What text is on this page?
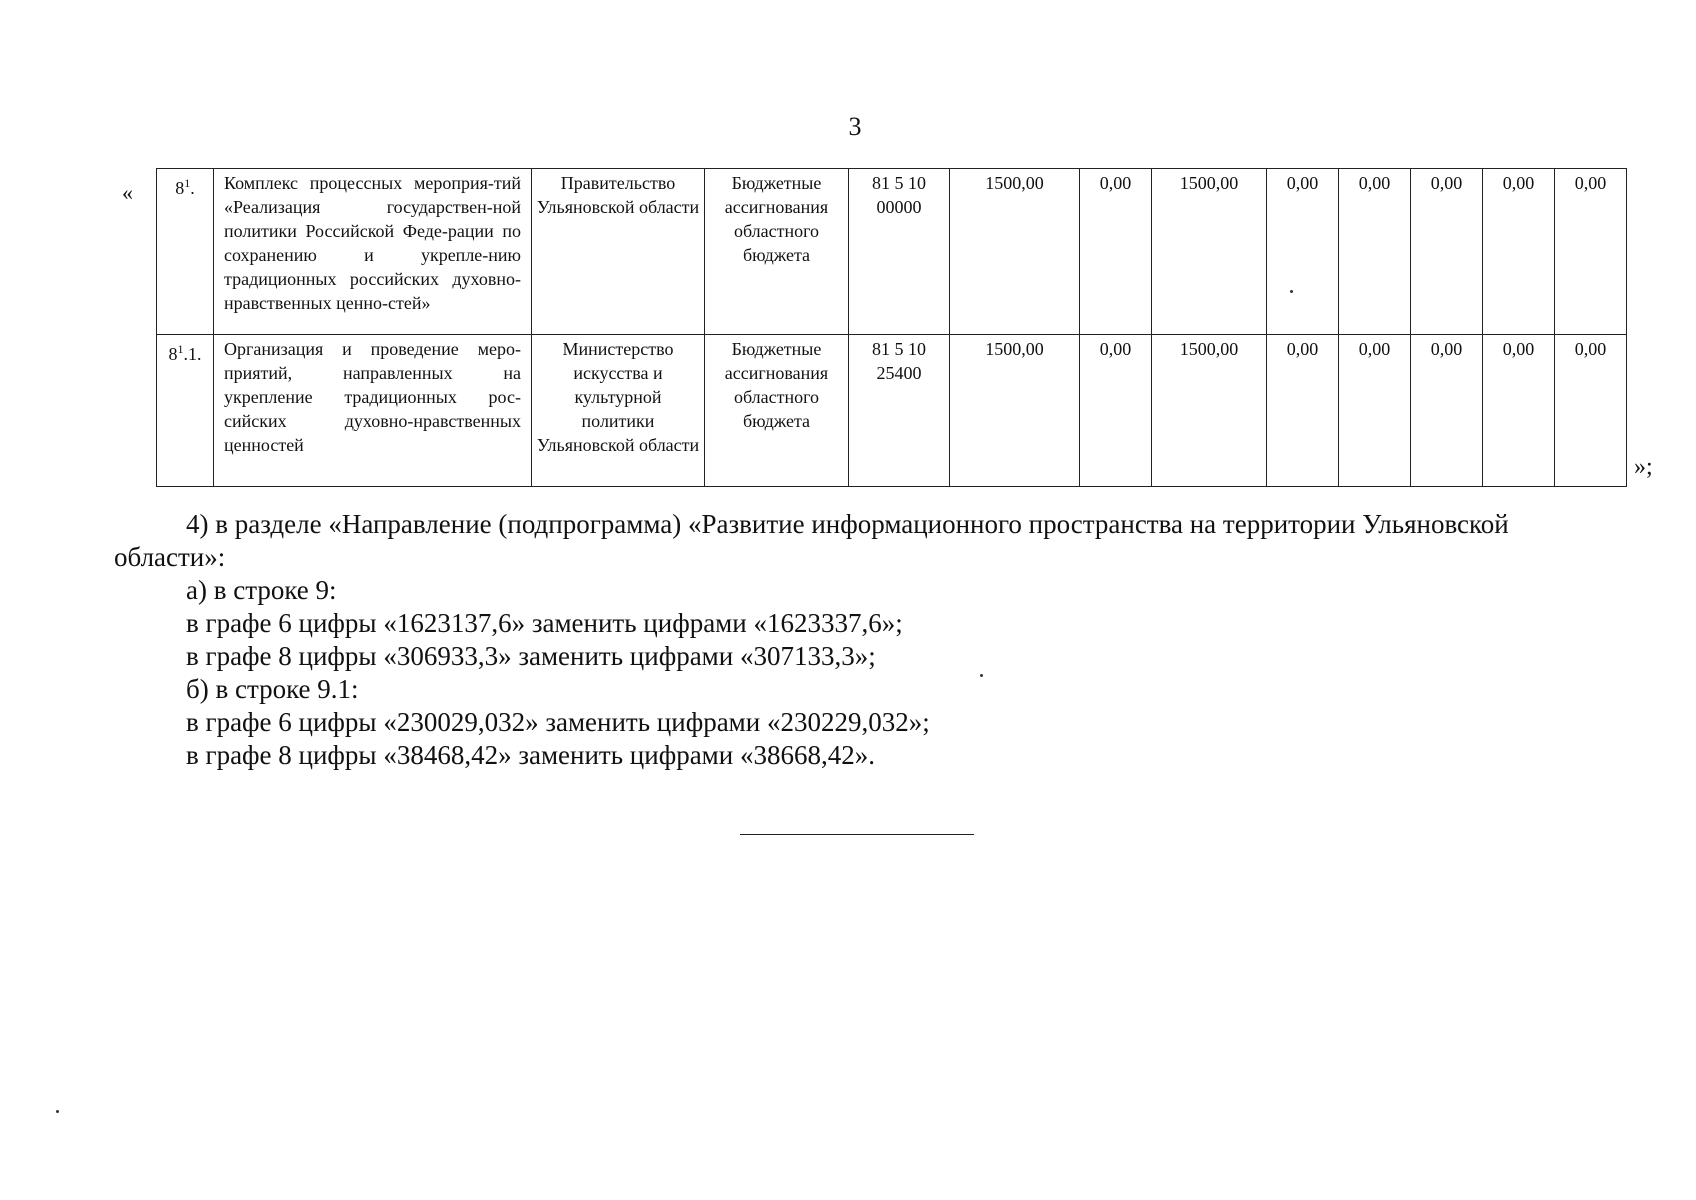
3
« $8^1$.	Комплекс процессных мероприя-тий «Реализация государствен-ной политики Российской Феде-рации по сохранению и укрепле-нию традиционных российских духовно-нравственных ценно-стей»	Правительство Ульяновской области	Бюджетные ассигнования областного бюджета	81 5 10 00000	1500,00	0,00	1500,00	0,00	0,00	0,00	0,00	0,00
$8^1.1$.	Организация и проведение меро-приятий, направленных на укрепление традиционных рос-сийских духовно-нравственных ценностей	Министерство искусства и культурной политики Ульяновской области	Бюджетные ассигнования областного бюджета	81 5 10 25400	1500,00	0,00	1500,00	0,00	0,00	0,00	0,00	0,00
»;

4) в разделе «Направление (подпрограмма) «Развитие информационного пространства на территории Ульяновской области»:

а) в строке 9:

в графе 6 цифры «1623137,6» заменить цифрами «1623337,6»;

в графе 8 цифры «306933,3» заменить цифрами «307133,3»;

б) в строке 9.1:

в графе 6 цифры «230029,032» заменить цифрами «230229,032»;

в графе 8 цифры «38468,42» заменить цифрами «38668,42».
